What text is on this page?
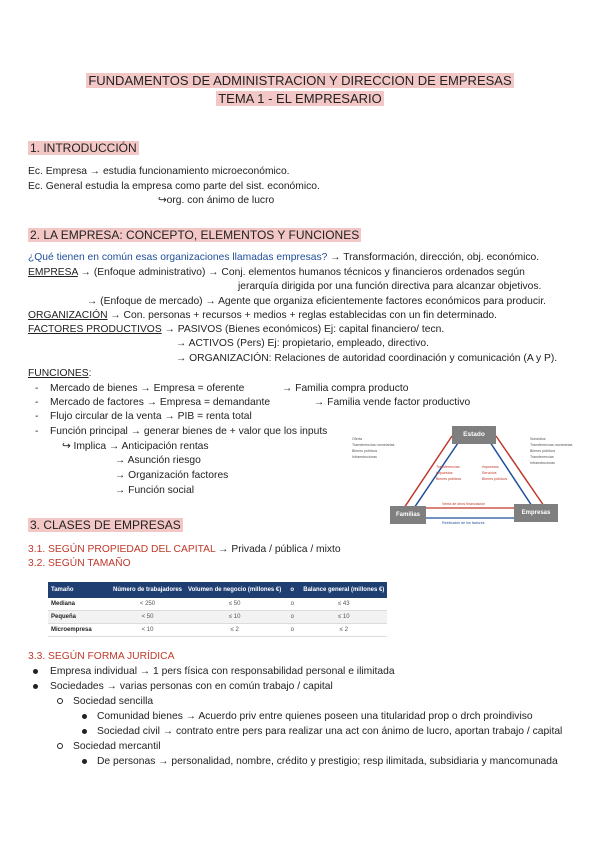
FUNDAMENTOS DE ADMINISTRACION Y DIRECCION DE EMPRESAS
TEMA 1 - EL EMPRESARIO
1. INTRODUCCIÓN
Ec. Empresa → estudia funcionamiento microeconómico.
Ec. General estudia la empresa como parte del sist. económico.
↪org. con ánimo de lucro
2. LA EMPRESA: CONCEPTO, ELEMENTOS Y FUNCIONES
¿Qué tienen en común esas organizaciones llamadas empresas? → Transformación, dirección, obj. económico.
EMPRESA → (Enfoque administrativo) → Conj. elementos humanos técnicos y financieros ordenados según
jerarquía dirigida por una función directiva para alcanzar objetivos.
→ (Enfoque de mercado) → Agente que organiza eficientemente factores económicos para producir.
ORGANIZACIÓN → Con. personas + recursos + medios + reglas establecidas con un fin determinado.
FACTORES PRODUCTIVOS → PASIVOS (Bienes económicos) Ej: capital financiero/ tecn.
→ ACTIVOS (Pers) Ej: propietario, empleado, directivo.
→ ORGANIZACIÓN: Relaciones de autoridad coordinación y comunicación (A y P).
FUNCIONES:
- Mercado de bienes → Empresa = oferente	→ Familia compra producto
- Mercado de factores → Empresa = demandante	→ Familia vende factor productivo
- Flujo circular de la venta → PIB = renta total
- Función principal → generar bienes de + valor que los inputs
↪ Implica → Anticipación rentas
→ Asunción riesgo
→ Organización factores
→ Función social
Estado
Familias	Empresas
Oferta
Transferencias monetarias
Bienes públicos
Infraestructuras
Transferencias
Impuestos
Bienes públicos
Impuestos
Servicios
Bienes públicos
Subsidios
Transferencias monetarias
Bienes públicos
Transferencias
Infraestructuras
Venta de otros financiación
Retribución de los factores
3. CLASES DE EMPRESAS
3.1. SEGÚN PROPIEDAD DEL CAPITAL → Privada / pública / mixto
3.2. SEGÚN TAMAÑO
Tamaño	Número de trabajadores	Volumen de negocio (millones €)	o	Balance general (millones €)
Mediana	< 250	≤ 50	o	≤ 43
Pequeña	< 50	≤ 10	o	≤ 10
Microempresa	< 10	≤ 2	o	≤ 2
3.3. SEGÚN FORMA JURÍDICA
Empresa individual → 1 pers física con responsabilidad personal e ilimitada
Sociedades → varias personas con en común trabajo / capital
Sociedad sencilla
Comunidad bienes → Acuerdo priv entre quienes poseen una titularidad prop o drch proindiviso
Sociedad civil → contrato entre pers para realizar una act con ánimo de lucro, aportan trabajo / capital
Sociedad mercantil
De personas → personalidad, nombre, crédito y prestigio; resp ilimitada, subsidiaria y mancomunada
